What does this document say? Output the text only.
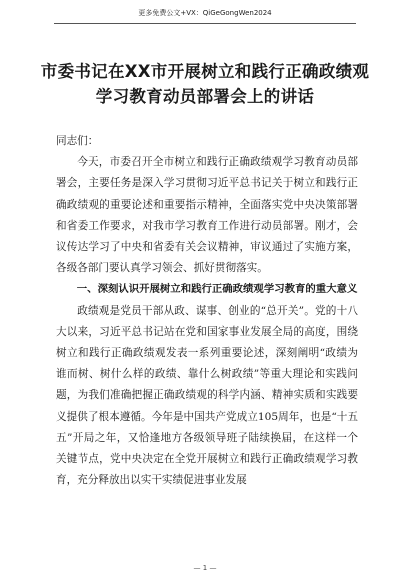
更多免费公文+VX：QiGeGongWen2024
市委书记在XX市开展树立和践行正确政绩观学习教育动员部署会上的讲话

同志们：

今天，市委召开全市树立和践行正确政绩观学习教育动员部署会，主要任务是深入学习贯彻习近平总书记关于树立和践行正确政绩观的重要论述和重要指示精神，全面落实党中央决策部署和省委工作要求，对我市学习教育工作进行动员部署。刚才，会议传达学习了中央和省委有关会议精神，审议通过了实施方案，各级各部门要认真学习领会、抓好贯彻落实。

一、深刻认识开展树立和践行正确政绩观学习教育的重大意义

政绩观是党员干部从政、谋事、创业的“总开关”。党的十八大以来，习近平总书记站在党和国家事业发展全局的高度，围绕树立和践行正确政绩观发表一系列重要论述，深刻阐明“政绩为谁而树、树什么样的政绩、靠什么树政绩”等重大理论和实践问题，为我们准确把握正确政绩观的科学内涵、精神实质和实践要义提供了根本遵循。今年是中国共产党成立105周年，也是“十五五”开局之年，又恰逢地方各级领导班子陆续换届，在这样一个关键节点，党中央决定在全党开展树立和践行正确政绩观学习教育，充分释放出以实干实绩促进事业发展

— 1 —
